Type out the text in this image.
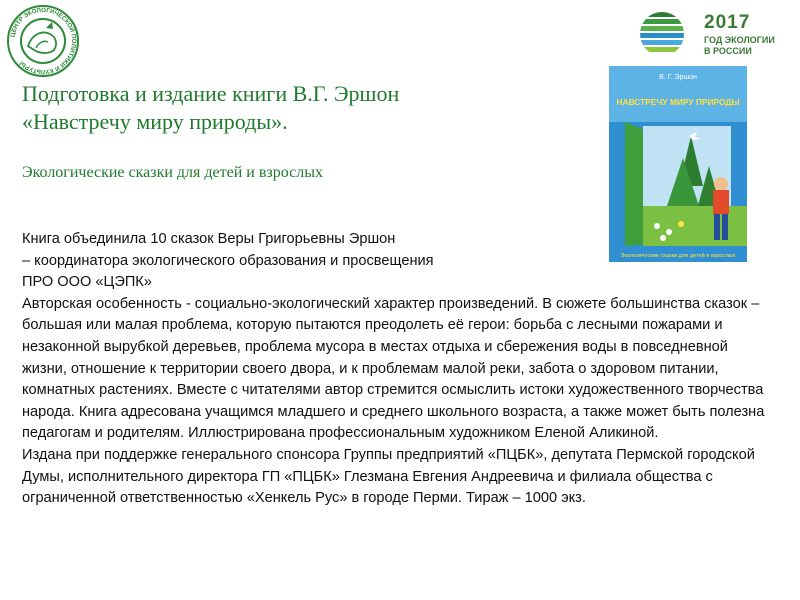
ЦЕНТР ЭКОЛОГИЧЕСКОЙ ПОЛИТИКИ И КУЛЬТУРЫ
2017
ГОД ЭКОЛОГИИ
В РОССИИ
Подготовка и издание книги В.Г. Эршон
«Навстречу миру природы».
Экологические сказки для детей и взрослых
В. Г. Эршон
НАВСТРЕЧУ МИРУ ПРИРОДЫ
Экологические сказки для детей и взрослых

Книга объединила 10 сказок Веры Григорьевны Эршон

– координатора экологического образования и просвещения

ПРО ООО «ЦЭПК»

Авторская особенность - социально-экологический характер произведений. В сюжете большинства сказок – большая или малая проблема, которую пытаются преодолеть её герои: борьба с лесными пожарами и незаконной вырубкой деревьев, проблема мусора в местах отдыха и сбережения воды в повседневной жизни, отношение к территории своего двора, и к проблемам малой реки, забота о здоровом питании, комнатных растениях. Вместе с читателями автор стремится осмыслить истоки художественного творчества народа. Книга адресована учащимся младшего и среднего школьного возраста, а также может быть полезна педагогам и родителям. Иллюстрирована профессиональным художником Еленой Аликиной.

Издана при поддержке генерального спонсора Группы предприятий «ПЦБК», депутата Пермской городской Думы, исполнительного директора ГП «ПЦБК» Глезмана Евгения Андреевича и филиала общества с ограниченной ответственностью «Хенкель Рус» в городе Перми. Тираж – 1000 экз.
